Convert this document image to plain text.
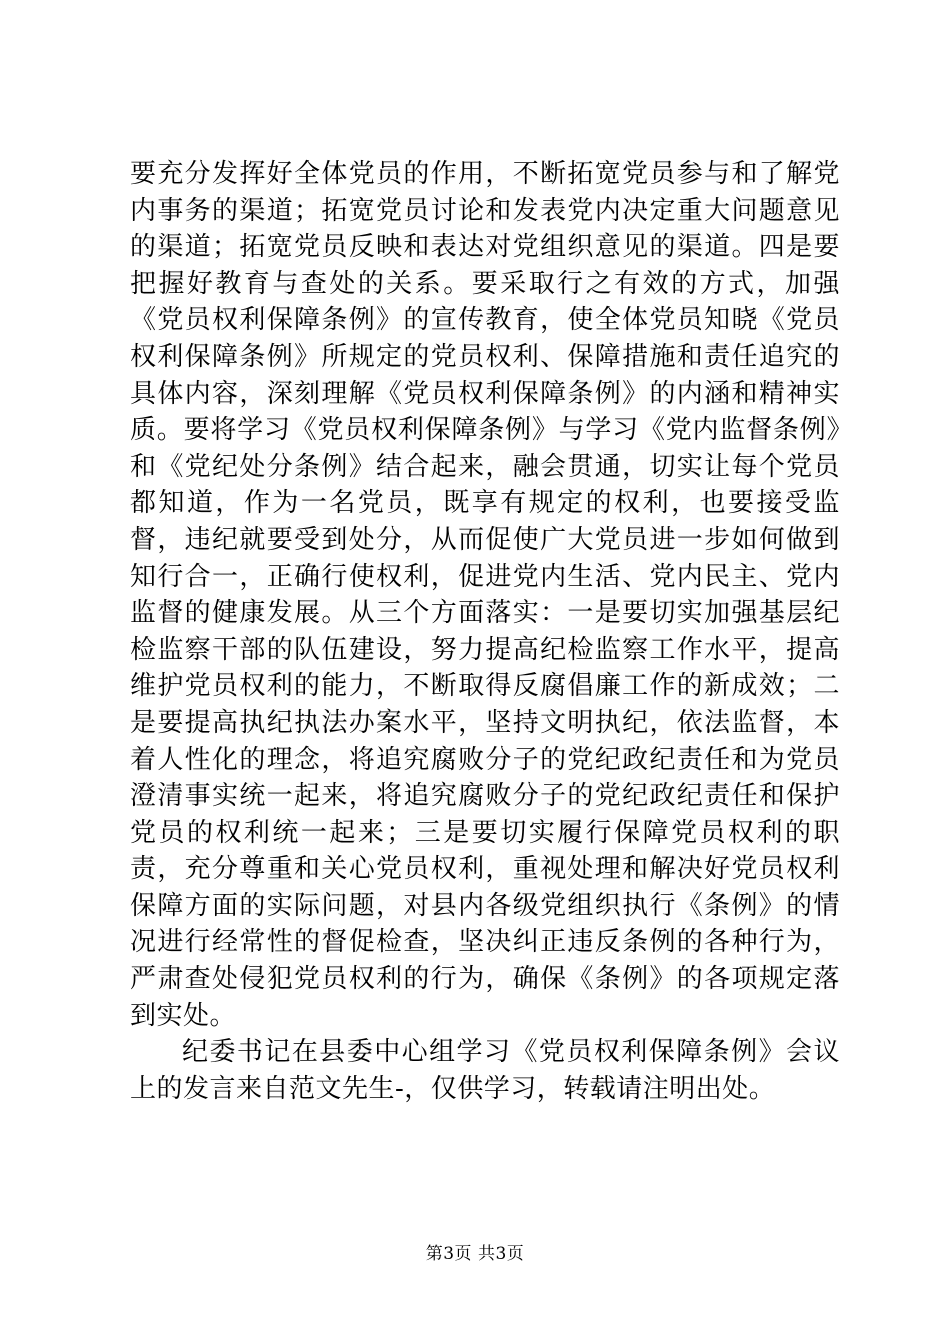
要充分发挥好全体党员的作用，不断拓宽党员参与和了解党内事务的渠道；拓宽党员讨论和发表党内决定重大问题意见的渠道；拓宽党员反映和表达对党组织意见的渠道。四是要把握好教育与查处的关系。要采取行之有效的方式，加强《党员权利保障条例》的宣传教育，使全体党员知晓《党员权利保障条例》所规定的党员权利、保障措施和责任追究的具体内容，深刻理解《党员权利保障条例》的内涵和精神实质。要将学习《党员权利保障条例》与学习《党内监督条例》和《党纪处分条例》结合起来，融会贯通，切实让每个党员都知道，作为一名党员，既享有规定的权利，也要接受监督，违纪就要受到处分，从而促使广大党员进一步如何做到知行合一，正确行使权利，促进党内生活、党内民主、党内监督的健康发展。从三个方面落实：一是要切实加强基层纪检监察干部的队伍建设，努力提高纪检监察工作水平，提高维护党员权利的能力，不断取得反腐倡廉工作的新成效；二是要提高执纪执法办案水平，坚持文明执纪，依法监督，本着人性化的理念，将追究腐败分子的党纪政纪责任和为党员澄清事实统一起来，将追究腐败分子的党纪政纪责任和保护党员的权利统一起来；三是要切实履行保障党员权利的职责，充分尊重和关心党员权利，重视处理和解决好党员权利保障方面的实际问题，对县内各级党组织执行《条例》的情况进行经常性的督促检查，坚决纠正违反条例的各种行为，严肃查处侵犯党员权利的行为，确保《条例》的各项规定落到实处。

纪委书记在县委中心组学习《党员权利保障条例》会议上的发言来自范文先生-，仅供学习，转载请注明出处。

第3页 共3页
